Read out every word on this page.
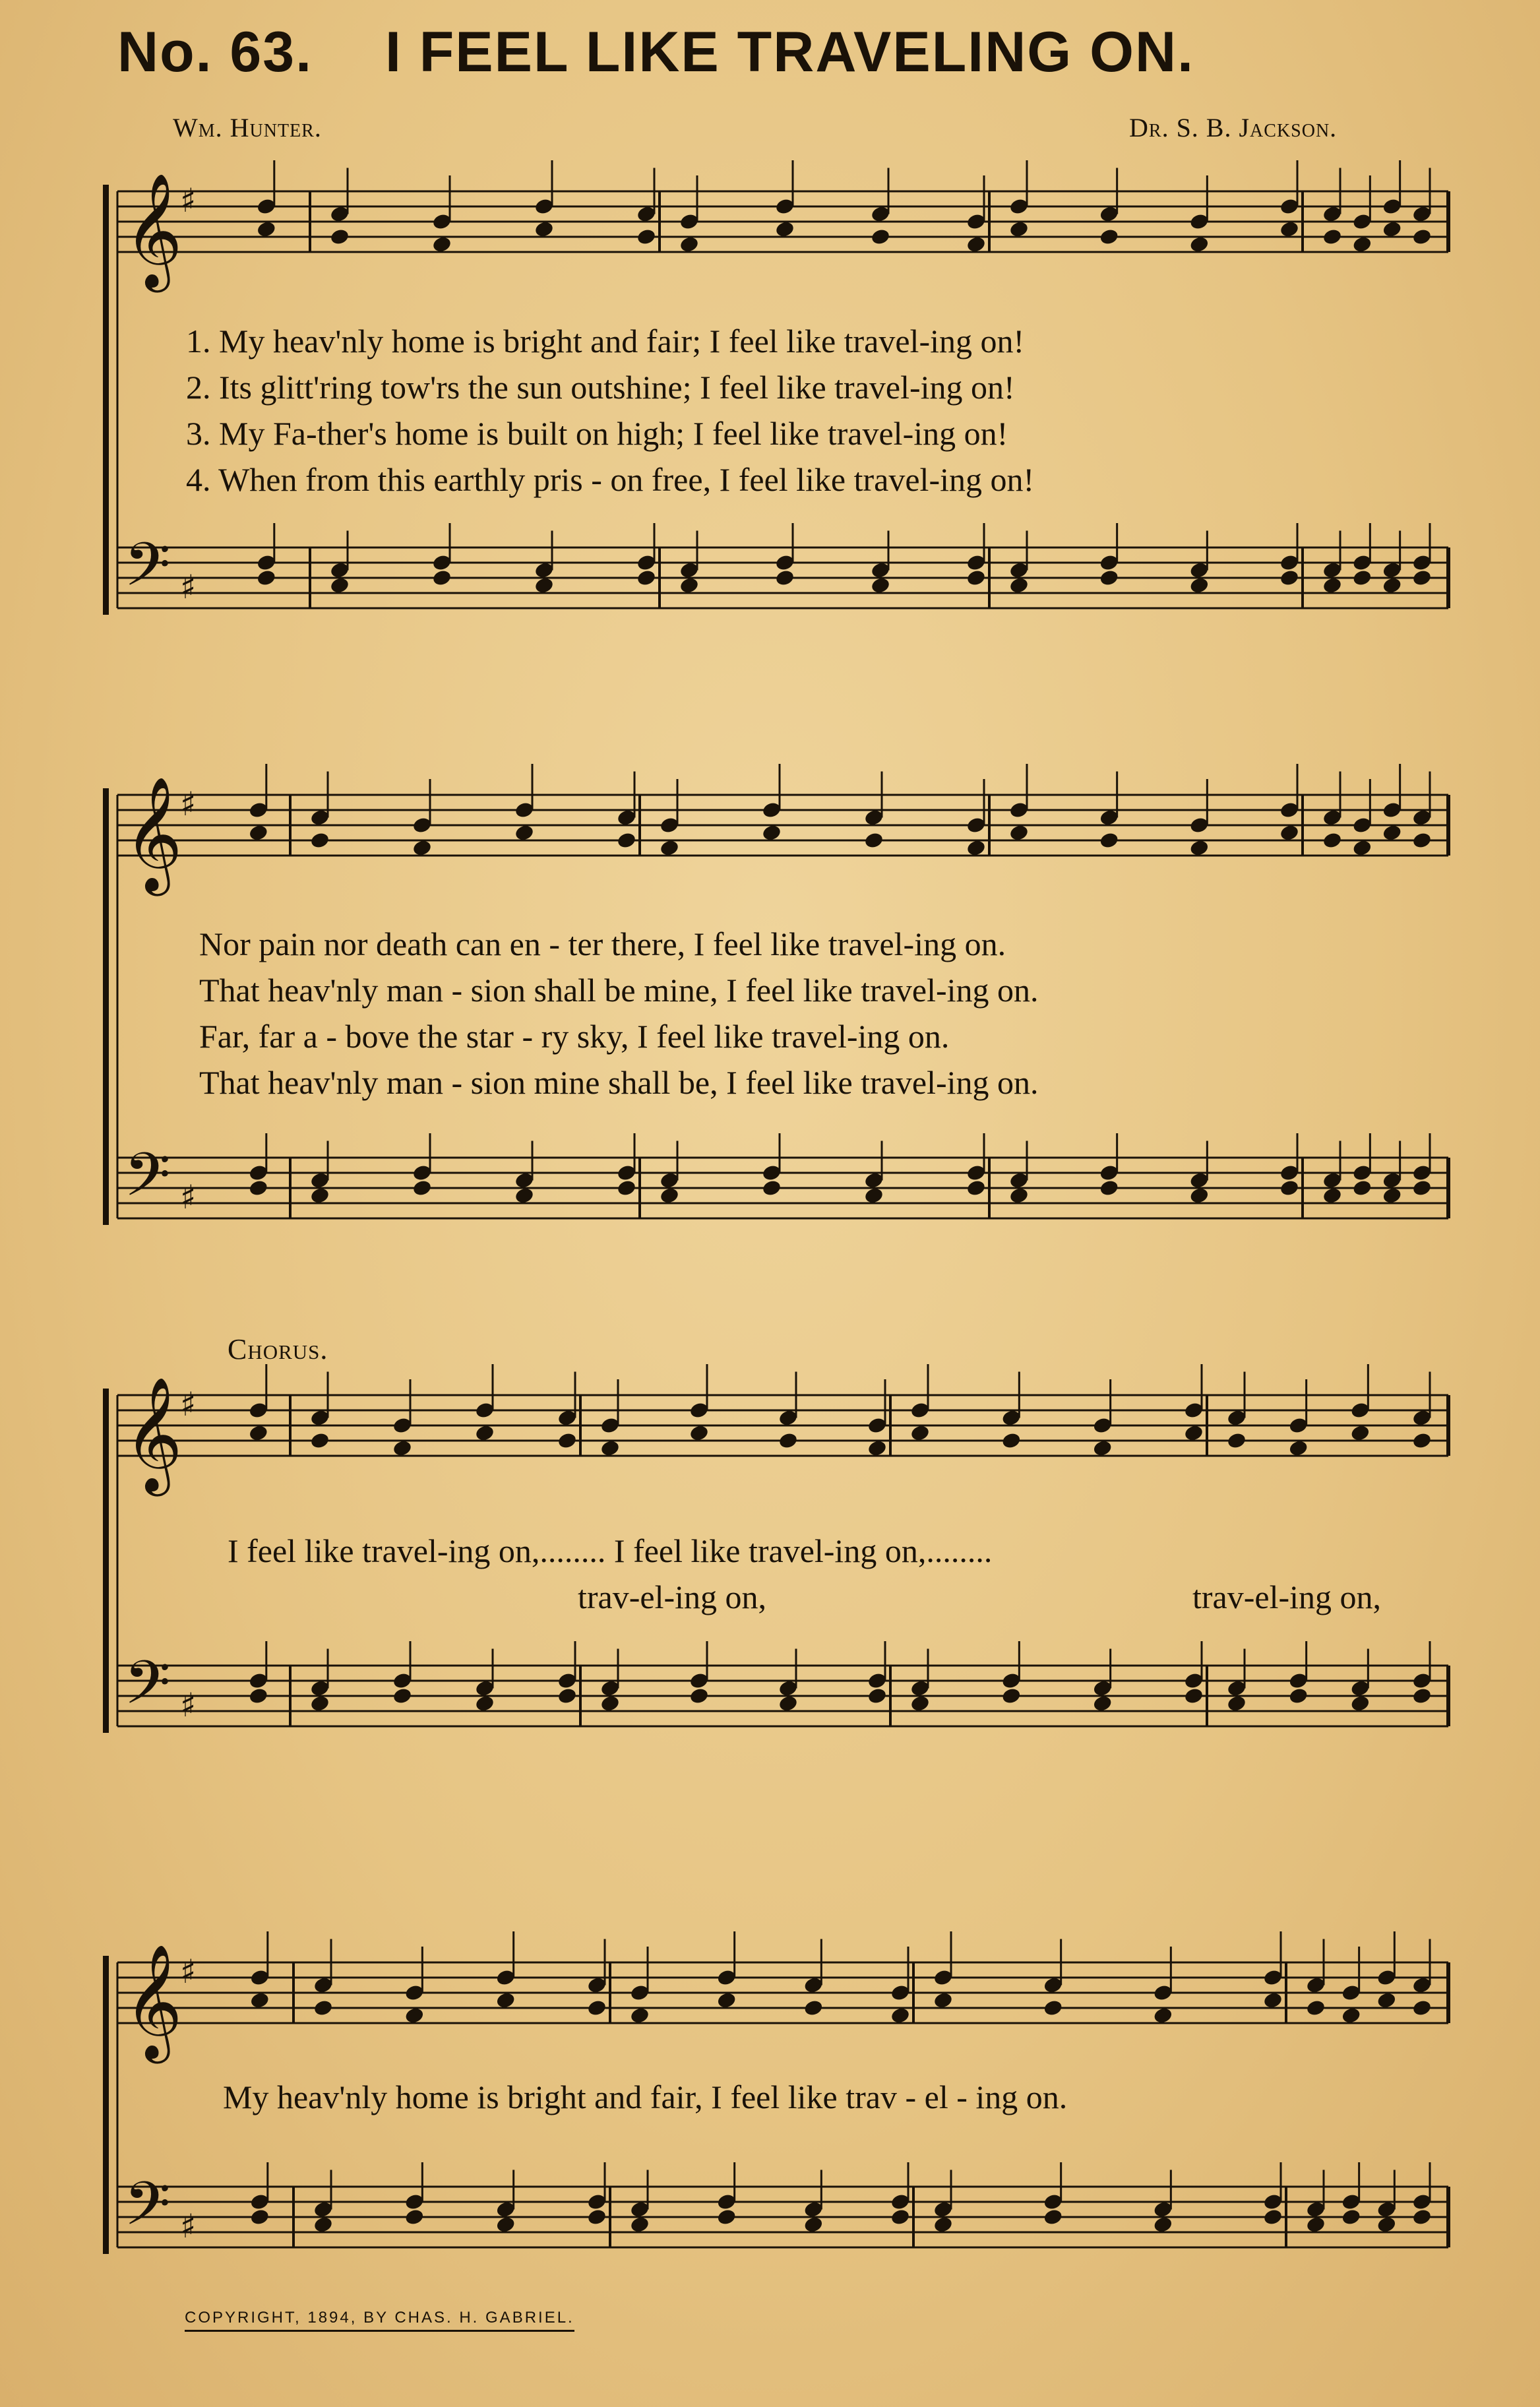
No. 63. I FEEL LIKE TRAVELING ON.
Wm. Hunter.	Dr. S. B. Jackson.
𝄞
𝄢
♯
♯
𝄞
𝄢
♯
♯
𝄞
𝄢
♯
♯
𝄞
𝄢
♯
♯
1. My heav'nly home is bright and fair; I feel like travel-ing on!
2. Its glitt'ring tow'rs the sun outshine; I feel like travel-ing on!
3. My Fa-ther's home is built on high; I feel like travel-ing on!
4. When from this earthly pris - on free, I feel like travel-ing on!
Nor pain nor death can en - ter there, I feel like travel-ing on.
That heav'nly man - sion shall be mine, I feel like travel-ing on.
Far, far a - bove the star - ry sky, I feel like travel-ing on.
That heav'nly man - sion mine shall be, I feel like travel-ing on.
Chorus.
I feel like travel-ing on,........ I feel like travel-ing on,........
trav-el-ing on,	trav-el-ing on,
My heav'nly home is bright and fair, I feel like trav - el - ing on.
COPYRIGHT, 1894, BY CHAS. H. GABRIEL.
